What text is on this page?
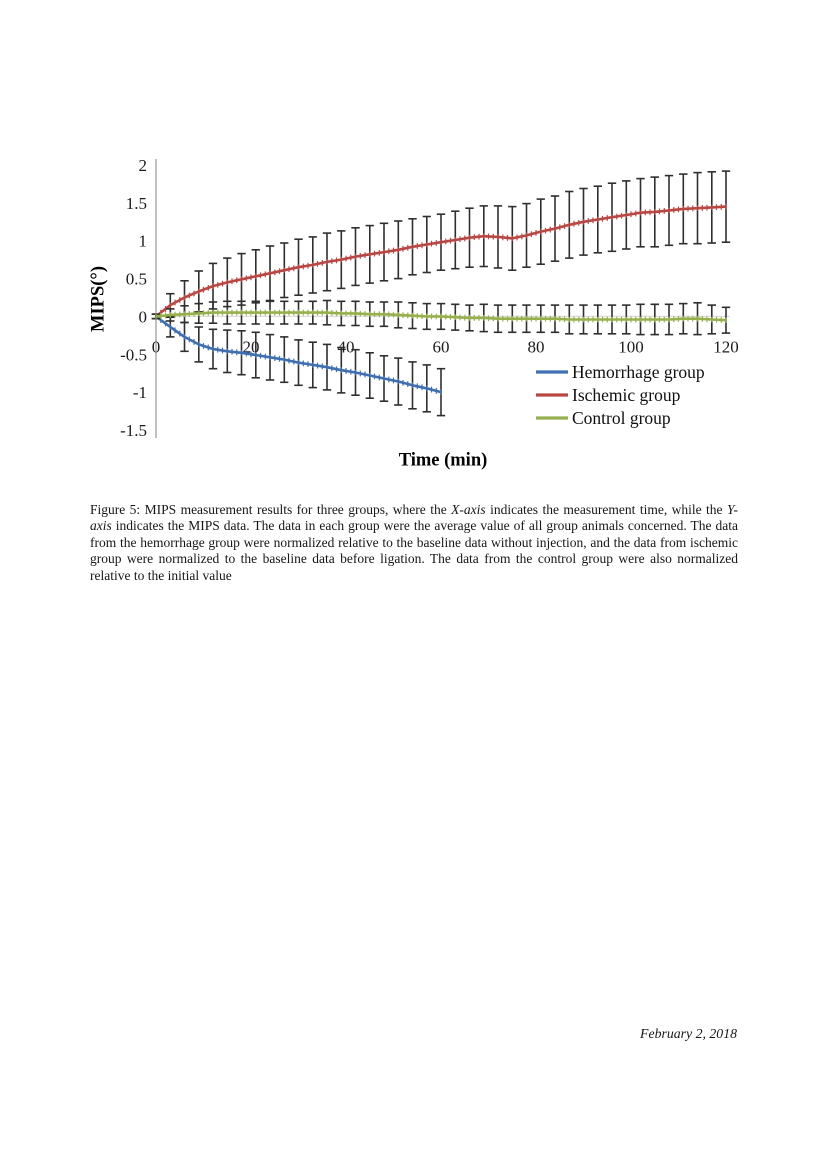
2
1.5
1
0.5
0
-0.5
-1
-1.5
0	20	40	60	80	100	120
Hemorrhage group
Ischemic group
Control group
MIPS(°)
Time (min)

Figure 5: MIPS measurement results for three groups, where the X-axis indicates the measurement time, while the Y-axis indicates the MIPS data. The data in each group were the average value of all group animals concerned. The data from the hemorrhage group were normalized relative to the baseline data without injection, and the data from ischemic group were normalized to the baseline data before ligation. The data from the control group were also normalized relative to the initial value

February 2, 2018
